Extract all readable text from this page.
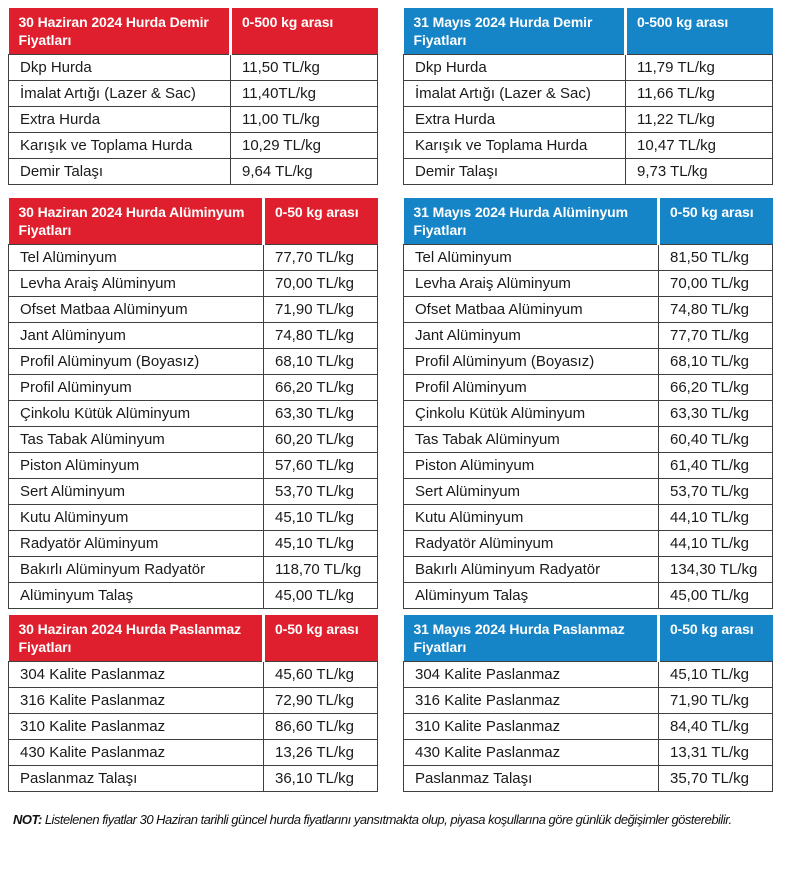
30 Haziran 2024 Hurda Demir Fiyatları	0-500 kg arası
Dkp Hurda	11,50 TL/kg
İmalat Artığı (Lazer & Sac)	11,40TL/kg
Extra Hurda	11,00 TL/kg
Karışık ve Toplama Hurda	10,29 TL/kg
Demir Talaşı	9,64 TL/kg
30 Haziran 2024 Hurda Alüminyum Fiyatları	0-50 kg arası
Tel Alüminyum	77,70 TL/kg
Levha Araiş Alüminyum	70,00 TL/kg
Ofset Matbaa Alüminyum	71,90 TL/kg
Jant Alüminyum	74,80 TL/kg
Profil Alüminyum (Boyasız)	68,10 TL/kg
Profil Alüminyum	66,20 TL/kg
Çinkolu Kütük Alüminyum	63,30 TL/kg
Tas Tabak Alüminyum	60,20 TL/kg
Piston Alüminyum	57,60 TL/kg
Sert Alüminyum	53,70 TL/kg
Kutu Alüminyum	45,10 TL/kg
Radyatör Alüminyum	45,10 TL/kg
Bakırlı Alüminyum Radyatör	118,70 TL/kg
Alüminyum Talaş	45,00 TL/kg
30 Haziran 2024 Hurda Paslanmaz Fiyatları	0-50 kg arası
304 Kalite Paslanmaz	45,60 TL/kg
316 Kalite Paslanmaz	72,90 TL/kg
310 Kalite Paslanmaz	86,60 TL/kg
430 Kalite Paslanmaz	13,26 TL/kg
Paslanmaz Talaşı	36,10 TL/kg
31 Mayıs 2024 Hurda Demir Fiyatları	0-500 kg arası
Dkp Hurda	11,79 TL/kg
İmalat Artığı (Lazer & Sac)	11,66 TL/kg
Extra Hurda	11,22 TL/kg
Karışık ve Toplama Hurda	10,47 TL/kg
Demir Talaşı	9,73 TL/kg
31 Mayıs 2024 Hurda Alüminyum Fiyatları	0-50 kg arası
Tel Alüminyum	81,50 TL/kg
Levha Araiş Alüminyum	70,00 TL/kg
Ofset Matbaa Alüminyum	74,80 TL/kg
Jant Alüminyum	77,70 TL/kg
Profil Alüminyum (Boyasız)	68,10 TL/kg
Profil Alüminyum	66,20 TL/kg
Çinkolu Kütük Alüminyum	63,30 TL/kg
Tas Tabak Alüminyum	60,40 TL/kg
Piston Alüminyum	61,40 TL/kg
Sert Alüminyum	53,70 TL/kg
Kutu Alüminyum	44,10 TL/kg
Radyatör Alüminyum	44,10 TL/kg
Bakırlı Alüminyum Radyatör	134,30 TL/kg
Alüminyum Talaş	45,00 TL/kg
31 Mayıs 2024 Hurda Paslanmaz Fiyatları	0-50 kg arası
304 Kalite Paslanmaz	45,10 TL/kg
316 Kalite Paslanmaz	71,90 TL/kg
310 Kalite Paslanmaz	84,40 TL/kg
430 Kalite Paslanmaz	13,31 TL/kg
Paslanmaz Talaşı	35,70 TL/kg
NOT: Listelenen fiyatlar 30 Haziran tarihli güncel hurda fiyatlarını yansıtmakta olup, piyasa koşullarına göre günlük değişimler gösterebilir.
